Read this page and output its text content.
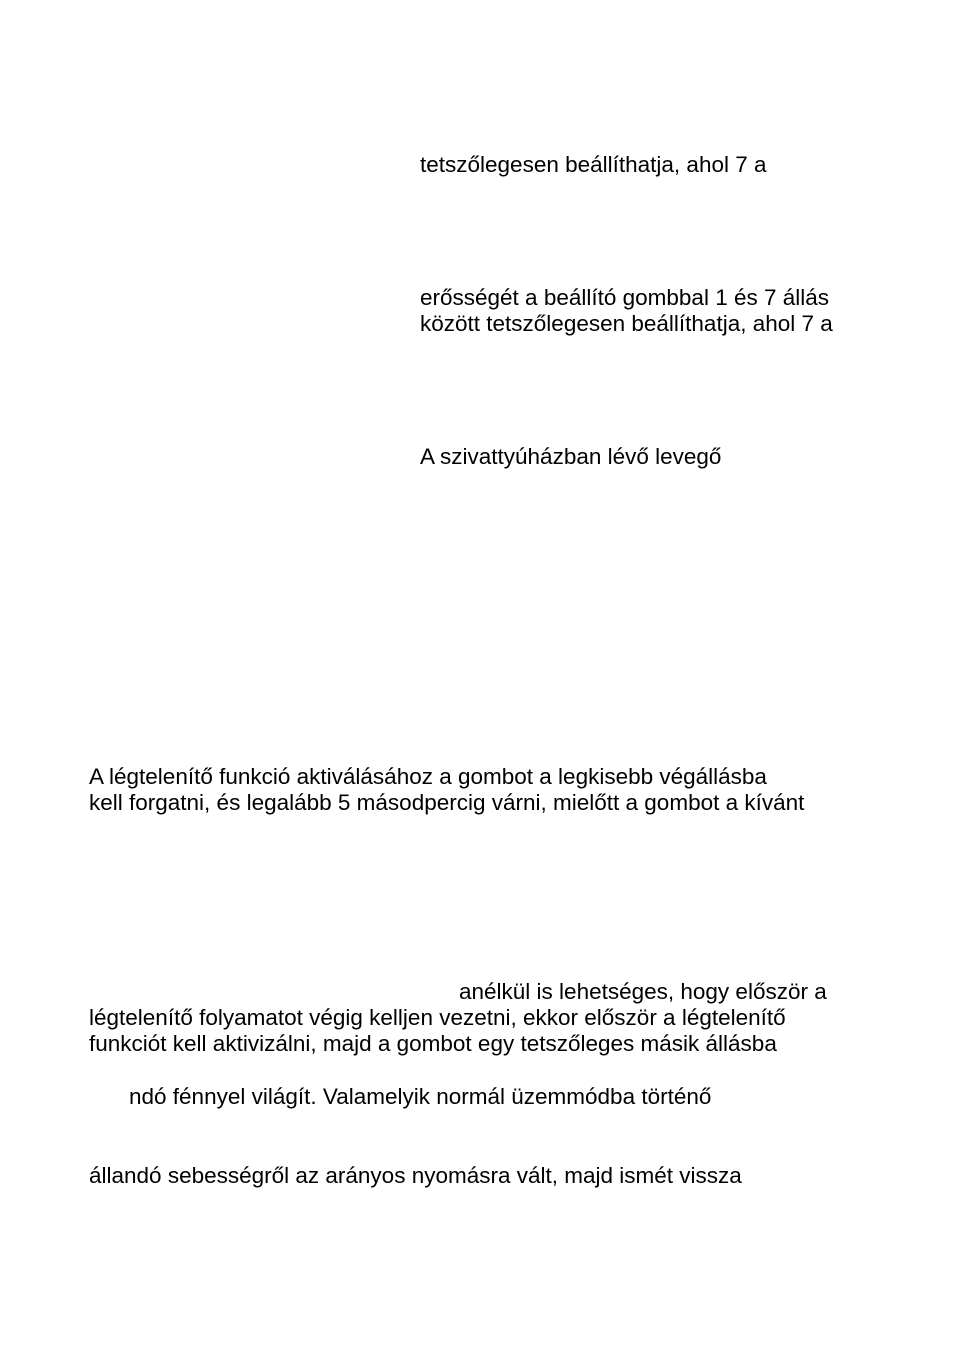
tetszőlegesen beállíthatja, ahol 7 a

erősségét a beállító gombbal 1 és 7 állás

között tetszőlegesen beállíthatja, ahol 7 a

A szivattyúházban lévő levegő

A légtelenítő funkció aktiválásához a gombot a legkisebb végállásba

kell forgatni, és legalább 5 másodpercig várni, mielőtt a gombot a kívánt

anélkül is lehetséges, hogy először a

légtelenítő folyamatot végig kelljen vezetni, ekkor először a légtelenítő

funkciót kell aktivizálni, majd a gombot egy tetszőleges másik állásba

ndó fénnyel világít. Valamelyik normál üzemmódba történő

állandó sebességről az arányos nyomásra vált, majd ismét vissza
